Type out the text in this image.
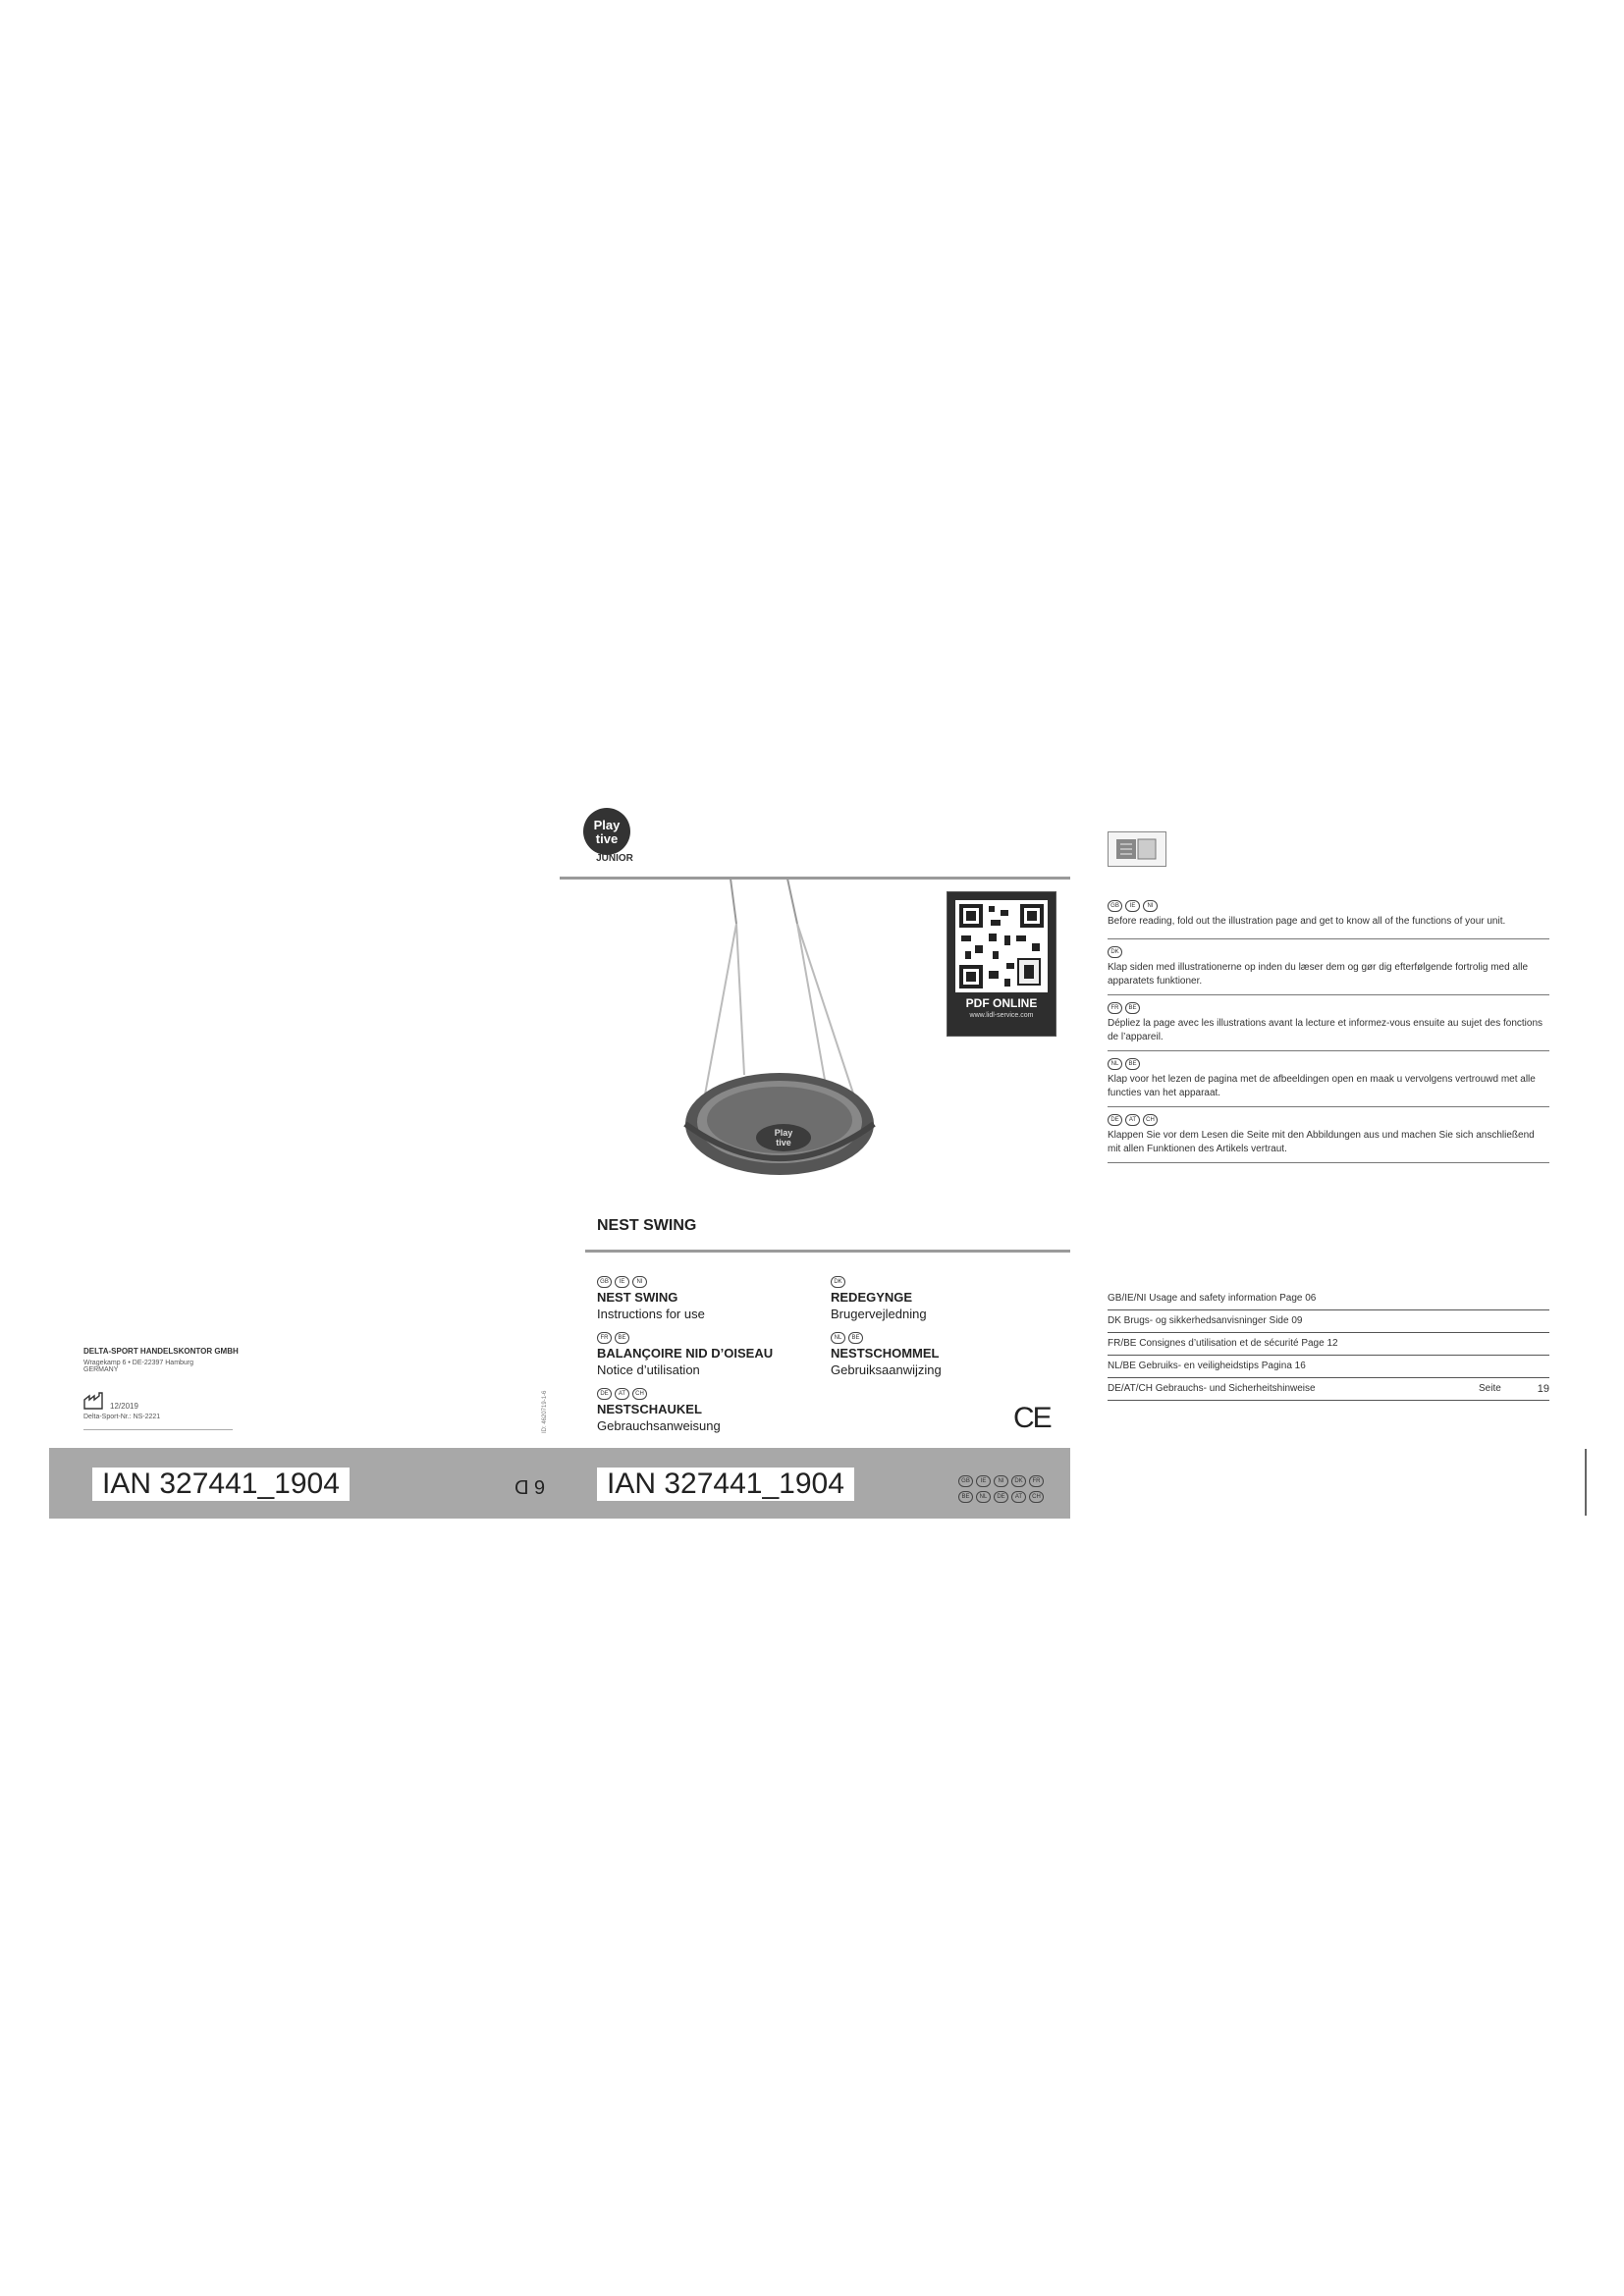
DELTA-SPORT HANDELSKONTOR GMBH
Wragekamp 6 • DE-22397 Hamburg
GERMANY
12/2019
Delta-Sport-Nr.: NS-2221	ID: 4620719-1-6
IAN 327441_1904	6 D	IAN 327441_1904	GB IE NI DK FR
BE NL DE AT CH
Play
tive
JUNIOR
Play
tive
PDF ONLINE
www.lidl-service.com
NEST SWING
GB IE NI
NEST SWING
Instructions for use
FR BE
BALANÇOIRE NID D’OISEAU
Notice d’utilisation
DE AT CH
NESTSCHAUKEL
Gebrauchsanweisung
DK
REDEGYNGE
Brugervejledning
NL BE
NESTSCHOMMEL
Gebruiksaanwijzing
CE
GB IE NI
Before reading, fold out the illustration page and get to know all of the functions of your unit.
DK
Klap siden med illustrationerne op inden du læser dem og gør dig efterfølgende fortrolig med alle apparatets funktioner.
FR BE
Dépliez la page avec les illustrations avant la lecture et informez-vous ensuite au sujet des fonctions de l’appareil.
NL BE
Klap voor het lezen de pagina met de afbeeldingen open en maak u vervolgens vertrouwd met alle functies van het apparaat.
DE AT CH
Klappen Sie vor dem Lesen die Seite mit den Abbildungen aus und machen Sie sich anschließend mit allen Funktionen des Artikels vertraut.
GB/IE/NI Usage and safety information Page 06
DK Brugs- og sikkerhedsanvisninger Side 09
FR/BE Consignes d’utilisation et de sécurité Page 12
NL/BE Gebruiks- en veiligheidstips Pagina 16
DE/AT/CH Gebrauchs- und Sicherheitshinweise	Seite	19
